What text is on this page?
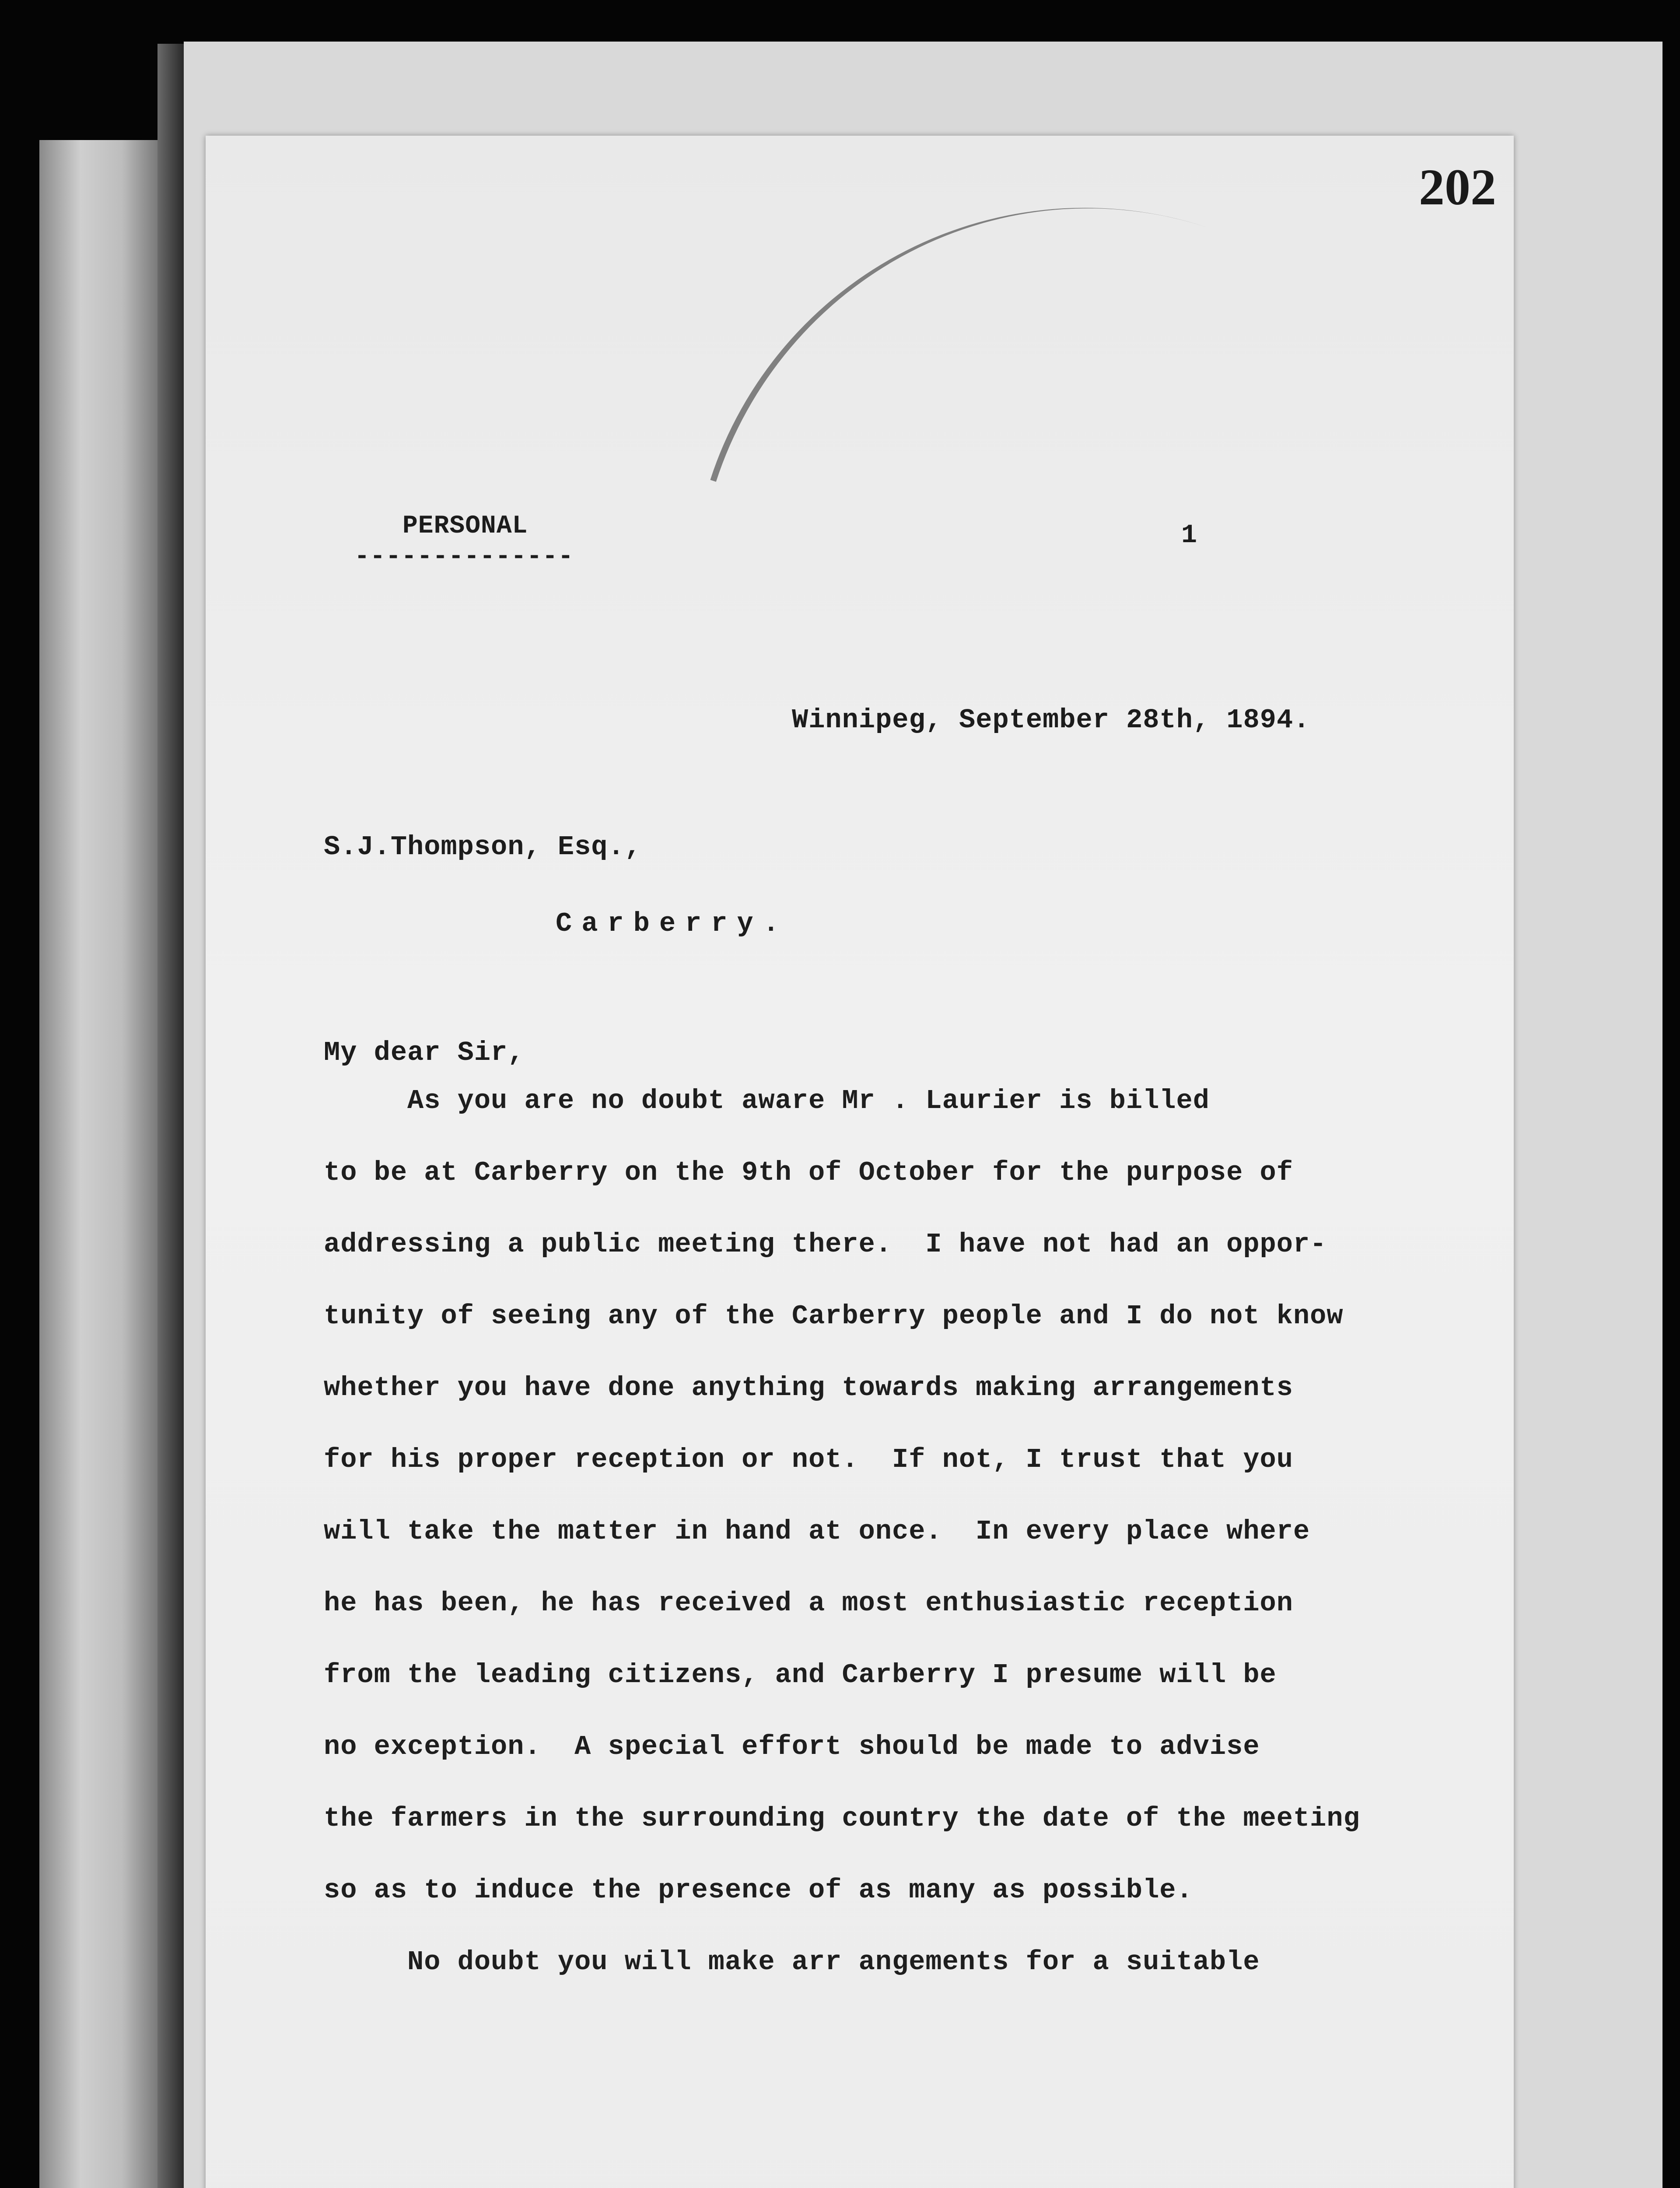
202
PERSONAL
--------------
1
Winnipeg, September 28th, 1894.
S.J.Thompson, Esq.,
Carberry.
My dear Sir,
As you are no doubt aware Mr . Laurier is billed
to be at Carberry on the 9th of October for the purpose of
addressing a public meeting there.  I have not had an oppor-
tunity of seeing any of the Carberry people and I do not know
whether you have done anything towards making arrangements
for his proper reception or not.  If not, I trust that you
will take the matter in hand at once.  In every place where
he has been, he has received a most enthusiastic reception
from the leading citizens, and Carberry I presume will be
no exception.  A special effort should be made to advise
the farmers in the surrounding country the date of the meeting
so as to induce the presence of as many as possible.
No doubt you will make arr angements for a suitable
